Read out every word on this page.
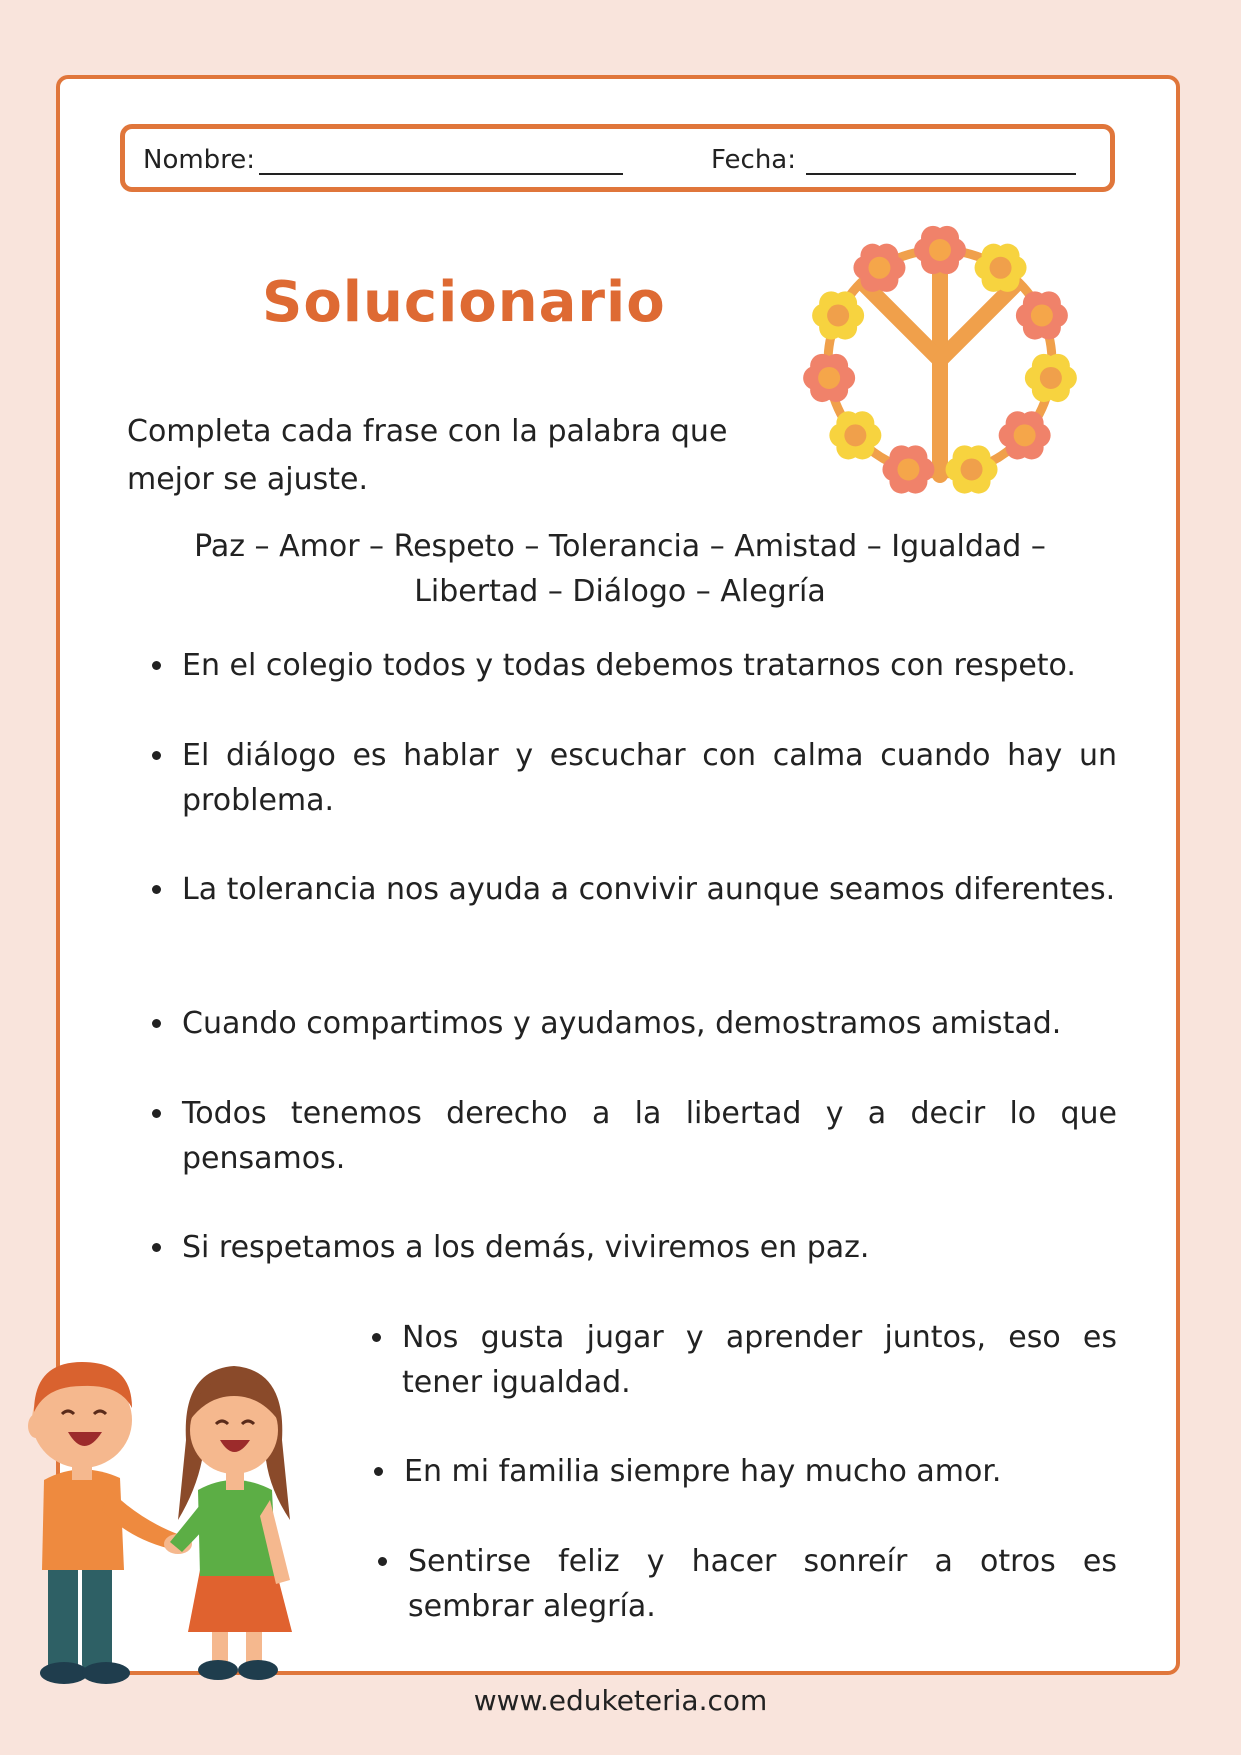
Nombre:	Fecha:
Solucionario
Completa cada frase con la palabra que mejor se ajuste.
Paz – Amor – Respeto – Tolerancia – Amistad – Igualdad –
Libertad – Diálogo – Alegría
En el colegio todos y todas debemos tratarnos con respeto.
El diálogo es hablar y escuchar con calma cuando hay un problema.
La tolerancia nos ayuda a convivir aunque seamos diferentes.
Cuando compartimos y ayudamos, demostramos amistad.
Todos tenemos derecho a la libertad y a decir lo que pensamos.
Si respetamos a los demás, viviremos en paz.
Nos gusta jugar y aprender juntos, eso es tener igualdad.
En mi familia siempre hay mucho amor.
Sentirse feliz y hacer sonreír a otros es sembrar alegría.
www.eduketeria.com
